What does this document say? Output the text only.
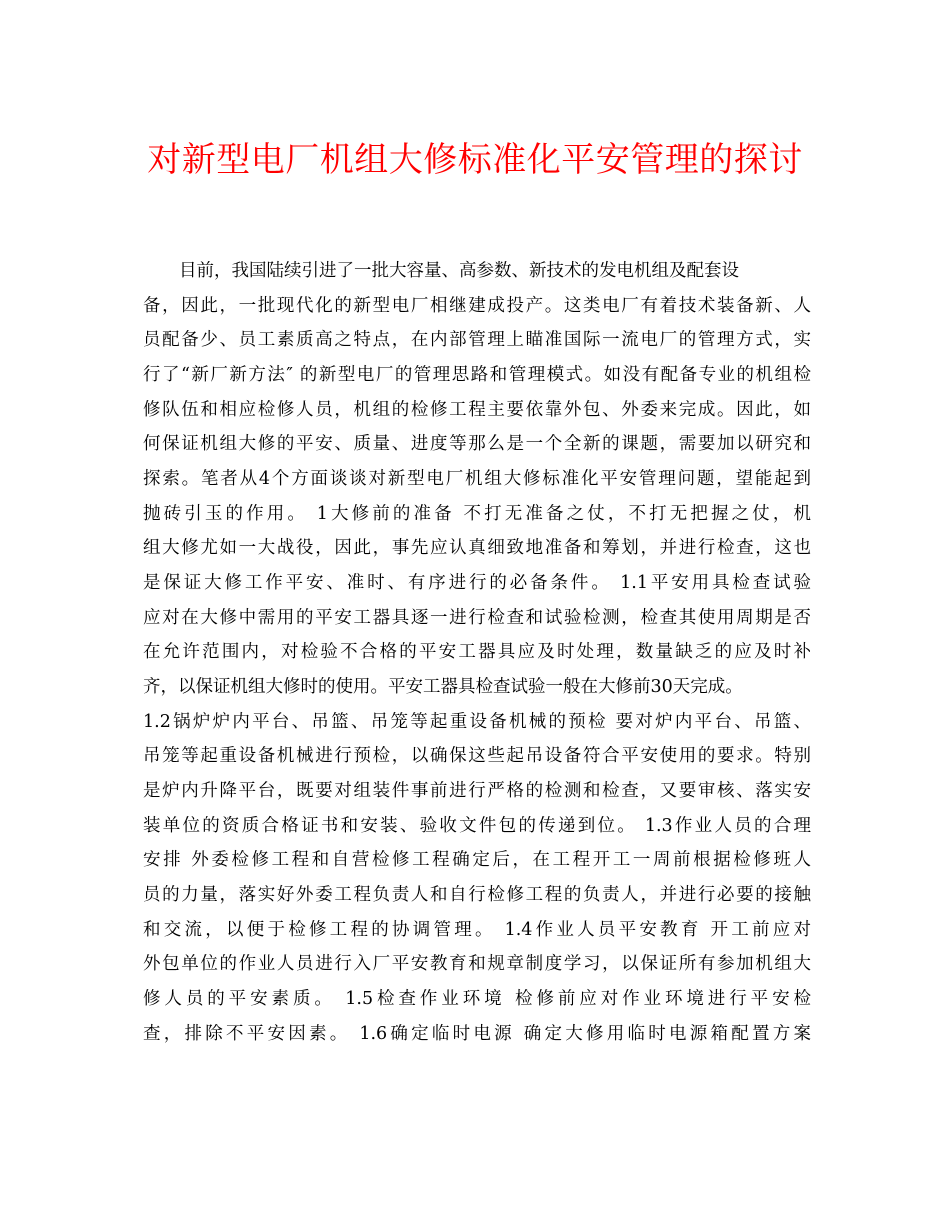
对新型电厂机组大修标准化平安管理的探讨
目前，我国陆续引进了一批大容量、高参数、新技术的发电机组及配套设
备，因此，一批现代化的新型电厂相继建成投产。这类电厂有着技术装备新、人
员配备少、员工素质高之特点，在内部管理上瞄准国际一流电厂的管理方式，实
行了“新厂新方法″ 的新型电厂的管理思路和管理模式。如没有配备专业的机组检
修队伍和相应检修人员，机组的检修工程主要依靠外包、外委来完成。因此，如
何保证机组大修的平安、质量、进度等那么是一个全新的课题，需要加以研究和
探索。笔者从4个方面谈谈对新型电厂机组大修标准化平安管理问题，望能起到
抛砖引玉的作用。 1大修前的准备 不打无准备之仗，不打无把握之仗，机
组大修尤如一大战役，因此，事先应认真细致地准备和筹划，并进行检查，这也
是保证大修工作平安、准时、有序进行的必备条件。 1.1平安用具检查试验
应对在大修中需用的平安工器具逐一进行检查和试验检测，检查其使用周期是否
在允许范围内，对检验不合格的平安工器具应及时处理，数量缺乏的应及时补
齐，以保证机组大修时的使用。平安工器具检查试验一般在大修前30天完成。
1.2锅炉炉内平台、吊篮、吊笼等起重设备机械的预检 要对炉内平台、吊篮、
吊笼等起重设备机械进行预检，以确保这些起吊设备符合平安使用的要求。特别
是炉内升降平台，既要对组装件事前进行严格的检测和检查，又要审核、落实安
装单位的资质合格证书和安装、验收文件包的传递到位。 1.3作业人员的合理
安排 外委检修工程和自营检修工程确定后，在工程开工一周前根据检修班人
员的力量，落实好外委工程负责人和自行检修工程的负责人，并进行必要的接触
和交流，以便于检修工程的协调管理。 1.4作业人员平安教育 开工前应对
外包单位的作业人员进行入厂平安教育和规章制度学习，以保证所有参加机组大
修人员的平安素质。 1.5检查作业环境 检修前应对作业环境进行平安检
查，排除不平安因素。 1.6确定临时电源 确定大修用临时电源箱配置方案
